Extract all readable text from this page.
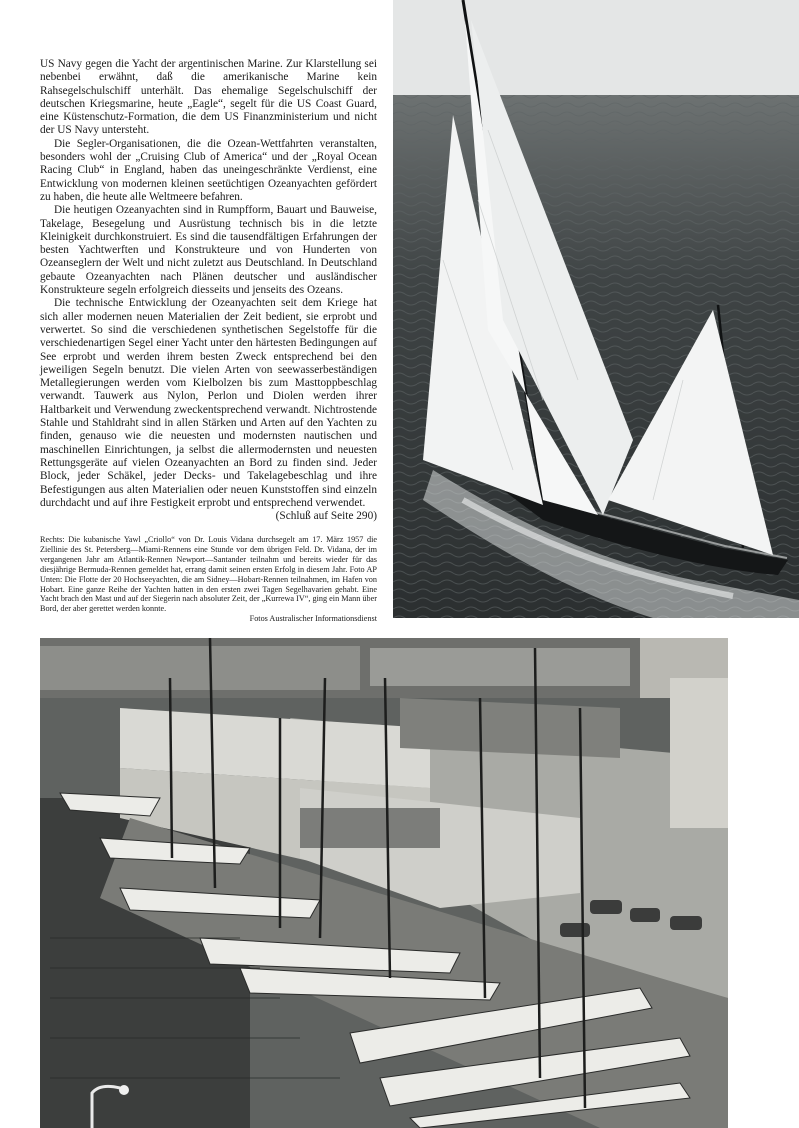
US Navy gegen die Yacht der argentinischen Marine. Zur Klarstellung sei nebenbei erwähnt, daß die amerikanische Marine kein Rahsegelschulschiff unterhält. Das ehemalige Segelschulschiff der deutschen Kriegsmarine, heute „Eagle“, segelt für die US Coast Guard, eine Küstenschutz-Formation, die dem US Finanzministerium und nicht der US Navy untersteht.

Die Segler-Organisationen, die die Ozean-Wettfahrten veranstalten, besonders wohl der „Cruising Club of America“ und der „Royal Ocean Racing Club“ in England, haben das uneingeschränkte Verdienst, eine Entwicklung von modernen kleinen seetüchtigen Ozeanyachten gefördert zu haben, die heute alle Weltmeere befahren.

Die heutigen Ozeanyachten sind in Rumpfform, Bauart und Bauweise, Takelage, Besegelung und Ausrüstung technisch bis in die letzte Kleinigkeit durchkonstruiert. Es sind die tausendfältigen Erfahrungen der besten Yachtwerften und Konstrukteure und von Hunderten von Ozeanseglern der Welt und nicht zuletzt aus Deutschland. In Deutschland gebaute Ozeanyachten nach Plänen deutscher und ausländischer Konstrukteure segeln erfolgreich diesseits und jenseits des Ozeans.

Die technische Entwicklung der Ozeanyachten seit dem Kriege hat sich aller modernen neuen Materialien der Zeit bedient, sie erprobt und verwertet. So sind die verschiedenen synthetischen Segelstoffe für die verschiedenartigen Segel einer Yacht unter den härtesten Bedingungen auf See erprobt und werden ihrem besten Zweck entsprechend bei den jeweiligen Segeln benutzt. Die vielen Arten von seewasserbeständigen Metallegierungen werden vom Kielbolzen bis zum Masttoppbeschlag verwandt. Tauwerk aus Nylon, Perlon und Diolen werden ihrer Haltbarkeit und Verwendung zweckentsprechend verwandt. Nichtrostende Stahle und Stahldraht sind in allen Stärken und Arten auf den Yachten zu finden, genauso wie die neuesten und modernsten nautischen und maschinellen Einrichtungen, ja selbst die allermodernsten und neuesten Rettungsgeräte auf vielen Ozeanyachten an Bord zu finden sind. Jeder Block, jeder Schäkel, jeder Decks- und Takelagebeschlag und ihre Befestigungen aus alten Materialien oder neuen Kunststoffen sind einzeln durchdacht und auf ihre Festigkeit erprobt und entsprechend verwendet.

(Schluß auf Seite 290)

Rechts: Die kubanische Yawl „Criollo“ von Dr. Louis Vidana durchsegelt am 17. März 1957 die Ziellinie des St. Petersberg—Miami-Rennens eine Stunde vor dem übrigen Feld. Dr. Vidana, der im vergangenen Jahr am Atlantik-Rennen Newport—Santander teilnahm und bereits wieder für das diesjährige Bermuda-Rennen gemeldet hat, errang damit seinen ersten Erfolg in diesem Jahr. Foto AP Unten: Die Flotte der 20 Hochseeyachten, die am Sidney—Hobart-Rennen teilnahmen, im Hafen von Hobart. Eine ganze Reihe der Yachten hatten in den ersten zwei Tagen Segelhavarien gehabt. Eine Yacht brach den Mast und auf der Siegerin nach absoluter Zeit, der „Kurrewa IV“, ging ein Mann über Bord, der aber gerettet werden konnte.
Fotos Australischer Informationsdienst
